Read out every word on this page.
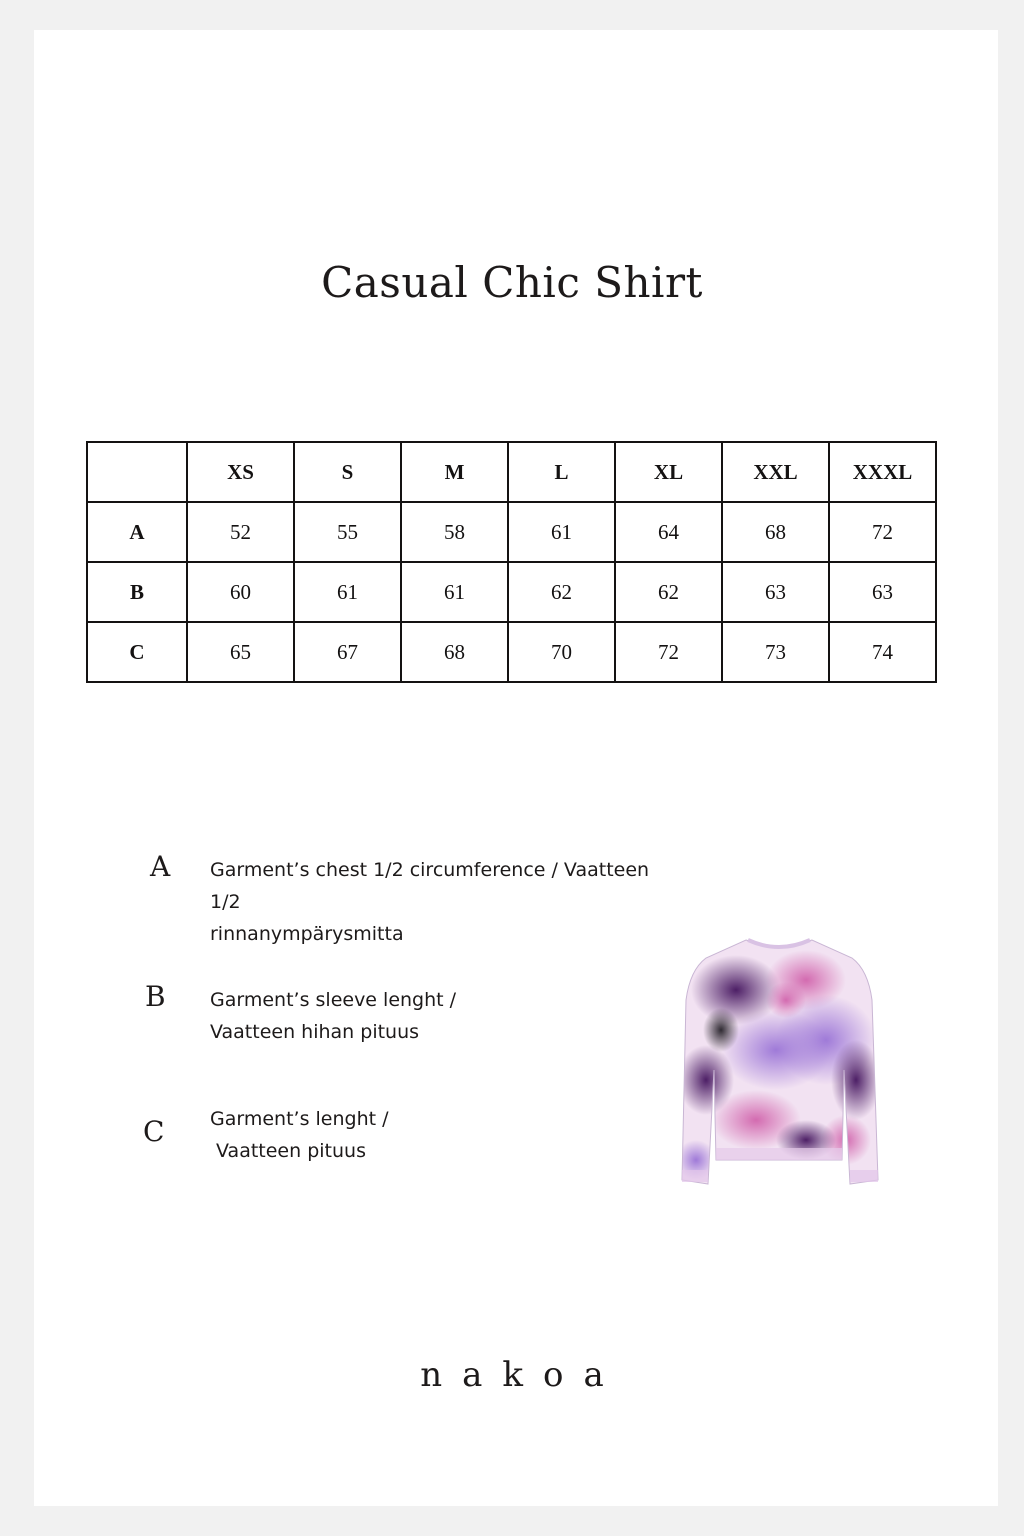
Casual Chic Shirt
	XS	S	M	L	XL	XXL	XXXL
A	52	55	58	61	64	68	72
B	60	61	61	62	62	63	63
C	65	67	68	70	72	73	74
A Garment’s chest 1/2 circumference / Vaatteen 1/2
rinnanympärysmitta
B Garment’s sleeve lenght /
Vaatteen hihan pituus
C Garment’s lenght /
Vaatteen pituus
nakoa
